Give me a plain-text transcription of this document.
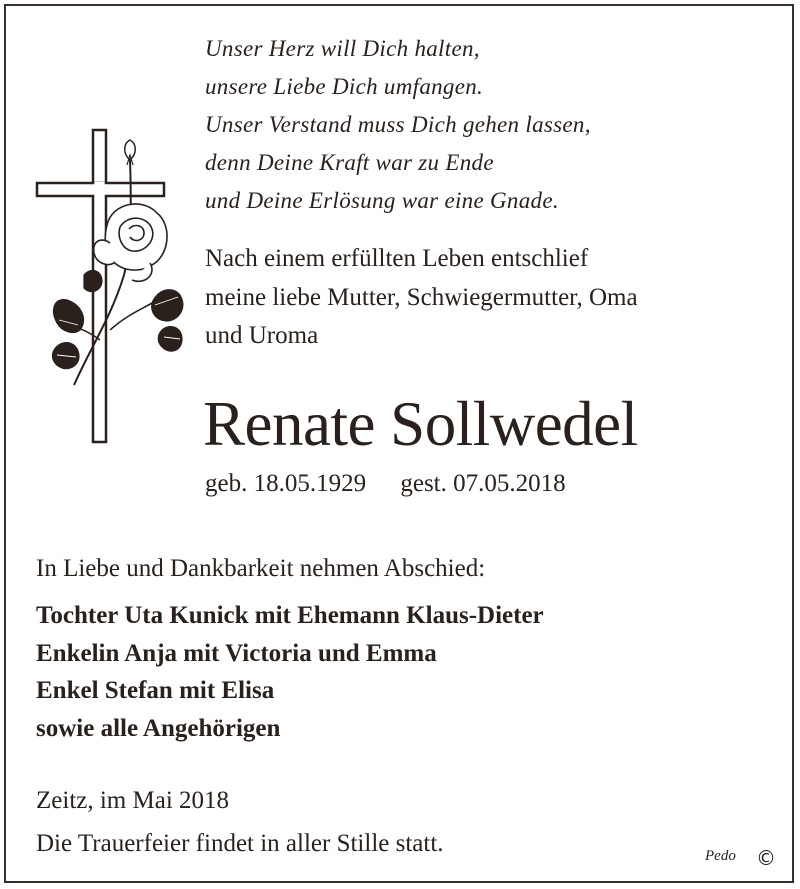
Unser Herz will Dich halten,
unsere Liebe Dich umfangen.
Unser Verstand muss Dich gehen lassen,
denn Deine Kraft war zu Ende
und Deine Erlösung war eine Gnade.
Nach einem erfüllten Leben entschlief
meine liebe Mutter, Schwiegermutter, Oma
und Uroma
Renate Sollwedel
geb. 18.05.1929 gest. 07.05.2018
In Liebe und Dankbarkeit nehmen Abschied:
Tochter Uta Kunick mit Ehemann Klaus-Dieter
Enkelin Anja mit Victoria und Emma
Enkel Stefan mit Elisa
sowie alle Angehörigen
Zeitz, im Mai 2018
Die Trauerfeier findet in aller Stille statt.	Pedo ©
